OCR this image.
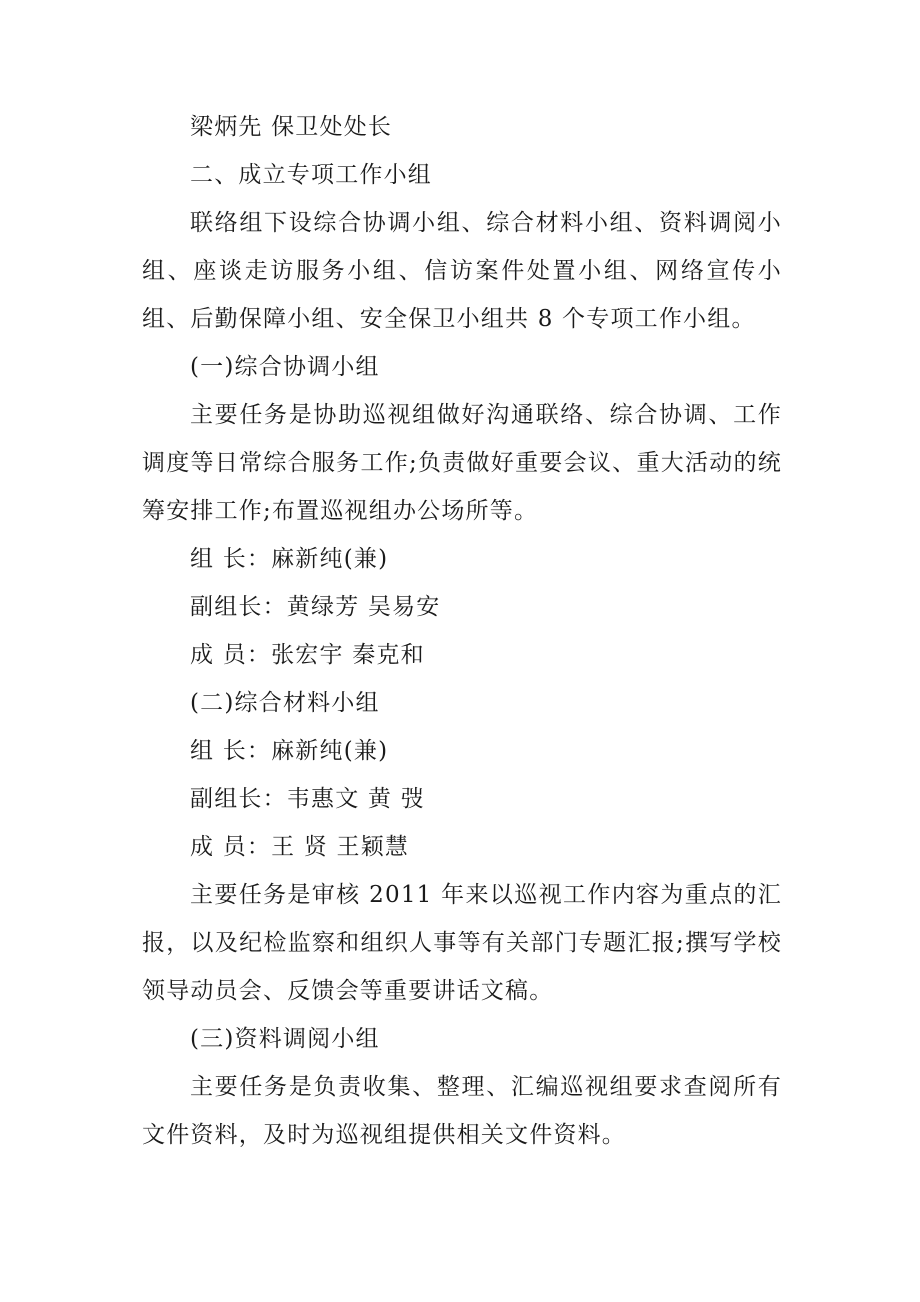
梁炳先 保卫处处长

二、成立专项工作小组

联络组下设综合协调小组、综合材料小组、资料调阅小组、座谈走访服务小组、信访案件处置小组、网络宣传小组、后勤保障小组、安全保卫小组共 8 个专项工作小组。

(一)综合协调小组

主要任务是协助巡视组做好沟通联络、综合协调、工作调度等日常综合服务工作;负责做好重要会议、重大活动的统筹安排工作;布置巡视组办公场所等。

组 长：麻新纯(兼)

副组长：黄绿芳 吴易安

成 员：张宏宇 秦克和

(二)综合材料小组

组 长：麻新纯(兼)

副组长：韦惠文 黄 弢

成 员：王 贤 王颖慧

主要任务是审核 2011 年来以巡视工作内容为重点的汇报，以及纪检监察和组织人事等有关部门专题汇报;撰写学校领导动员会、反馈会等重要讲话文稿。

(三)资料调阅小组

主要任务是负责收集、整理、汇编巡视组要求查阅所有文件资料，及时为巡视组提供相关文件资料。
